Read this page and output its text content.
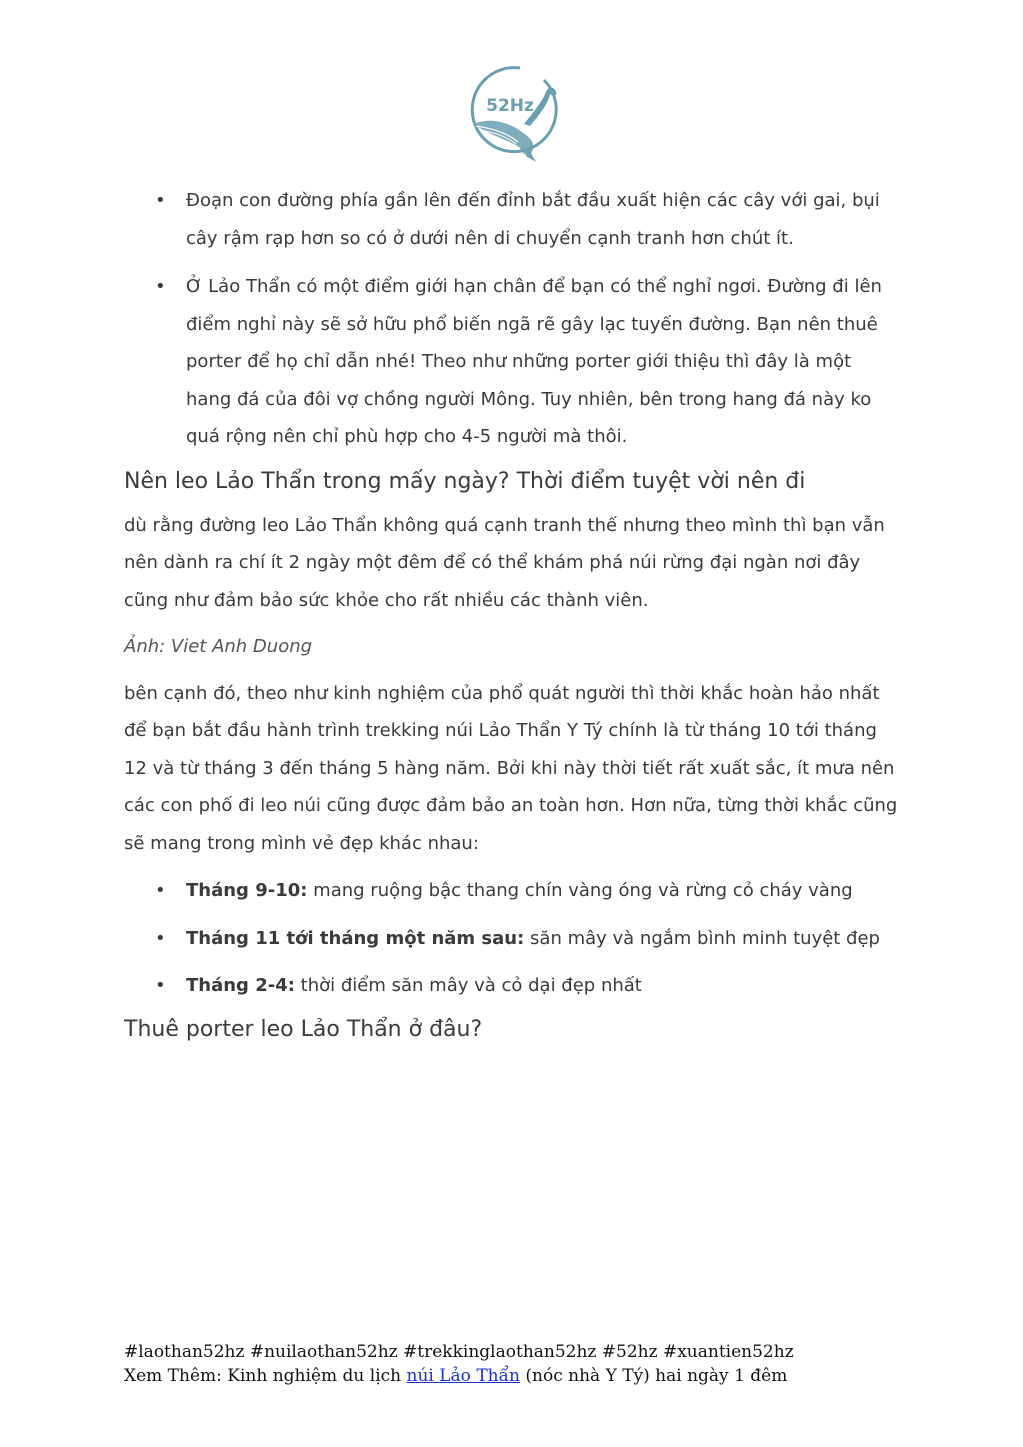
52Hz
• Đoạn con đường phía gần lên đến đỉnh bắt đầu xuất hiện các cây với gai, bụi cây rậm rạp hơn so có ở dưới nên di chuyển cạnh tranh hơn chút ít.
• Ở Lảo Thẩn có một điểm giới hạn chân để bạn có thể nghỉ ngơi. Đường đi lên điểm nghỉ này sẽ sở hữu phổ biến ngã rẽ gây lạc tuyến đường. Bạn nên thuê porter để họ chỉ dẫn nhé! Theo như những porter giới thiệu thì đây là một hang đá của đôi vợ chồng người Mông. Tuy nhiên, bên trong hang đá này ko quá rộng nên chỉ phù hợp cho 4-5 người mà thôi.
Nên leo Lảo Thẩn trong mấy ngày? Thời điểm tuyệt vời nên đi

dù rằng đường leo Lảo Thẩn không quá cạnh tranh thế nhưng theo mình thì bạn vẫn nên dành ra chí ít 2 ngày một đêm để có thể khám phá núi rừng đại ngàn nơi đây cũng như đảm bảo sức khỏe cho rất nhiều các thành viên.

Ảnh: Viet Anh Duong

bên cạnh đó, theo như kinh nghiệm của phổ quát người thì thời khắc hoàn hảo nhất để bạn bắt đầu hành trình trekking núi Lảo Thẩn Y Tý chính là từ tháng 10 tới tháng 12 và từ tháng 3 đến tháng 5 hàng năm. Bởi khi này thời tiết rất xuất sắc, ít mưa nên các con phố đi leo núi cũng được đảm bảo an toàn hơn. Hơn nữa, từng thời khắc cũng sẽ mang trong mình vẻ đẹp khác nhau:

• Tháng 9-10: mang ruộng bậc thang chín vàng óng và rừng cỏ cháy vàng
• Tháng 11 tới tháng một năm sau: săn mây và ngắm bình minh tuyệt đẹp
• Tháng 2-4: thời điểm săn mây và cỏ dại đẹp nhất
Thuê porter leo Lảo Thẩn ở đâu?
#laothan52hz #nuilaothan52hz #trekkinglaothan52hz #52hz #xuantien52hz
Xem Thêm: Kinh nghiệm du lịch núi Lảo Thẩn (nóc nhà Y Tý) hai ngày 1 đêm
